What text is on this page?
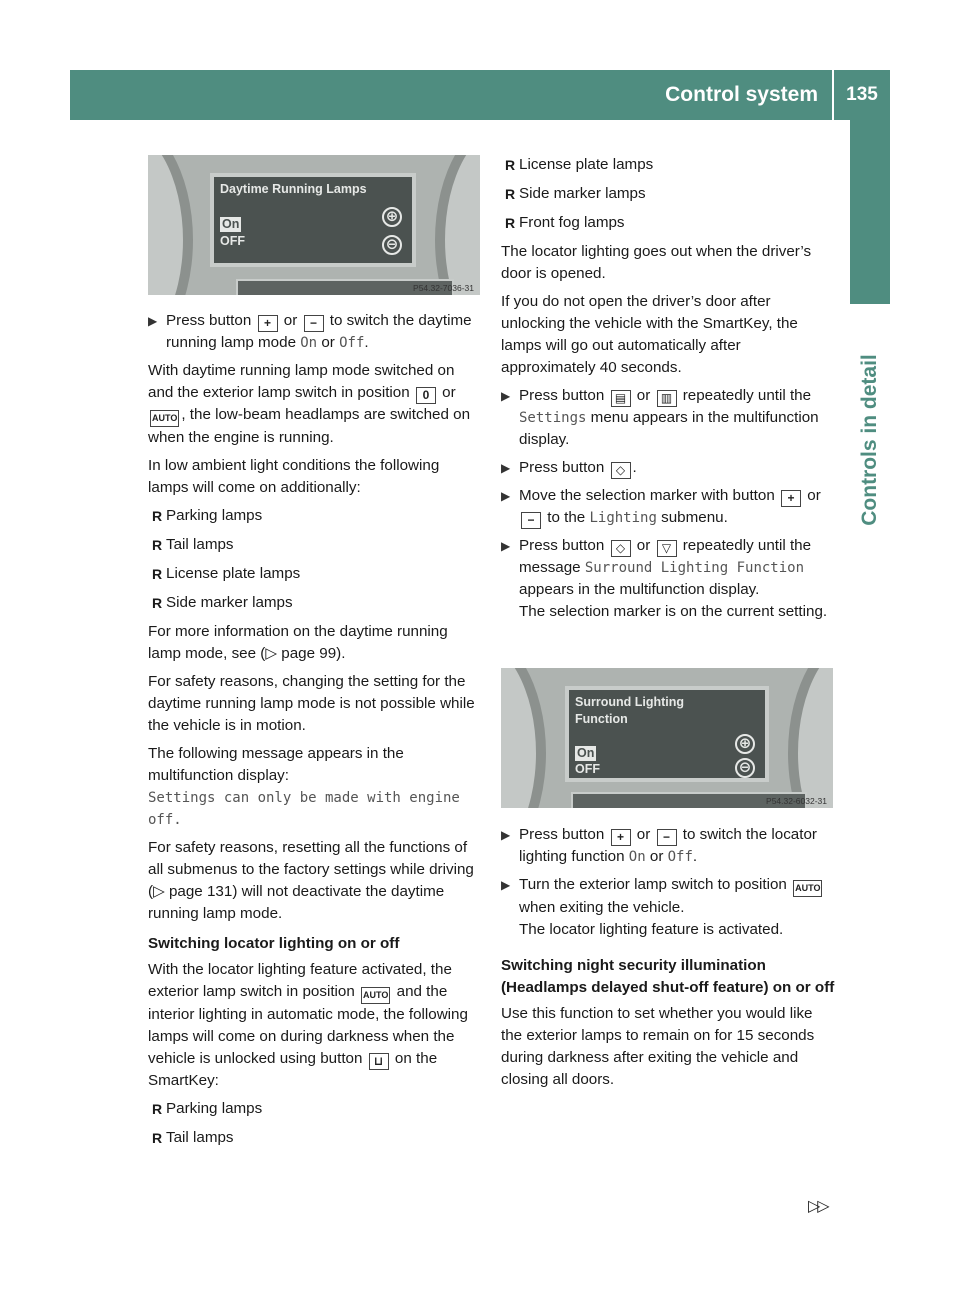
Control system	135
Controls in detail
Daytime Running Lamps
On
OFF
⊕
⊖
P54.32-7036-31
▶ Press button + or − to switch the daytime running lamp mode On or Off.

With daytime running lamp mode switched on and the exterior lamp switch in position 0 or AUTO , the low-beam headlamps are switched on when the engine is running.

In low ambient light conditions the following lamps will come on additionally:

R Parking lamps
R Tail lamps
R License plate lamps
R Side marker lamps

For more information on the daytime running lamp mode, see (▷ page 99).

For safety reasons, changing the setting for the daytime running lamp mode is not possible while the vehicle is in motion.

The following message appears in the multifunction display:
Settings can only be made with engine off.

For safety reasons, resetting all the functions of all submenus to the factory settings while driving (▷ page 131) will not deactivate the daytime running lamp mode.

Switching locator lighting on or off

With the locator lighting feature activated, the exterior lamp switch in position AUTO and the interior lighting in automatic mode, the following lamps will come on during darkness when the vehicle is unlocked using button ⊔ on the SmartKey:

R Parking lamps
R Tail lamps
R License plate lamps
R Side marker lamps
R Front fog lamps

The locator lighting goes out when the driver’s door is opened.

If you do not open the driver’s door after unlocking the vehicle with the SmartKey, the lamps will go out automatically after approximately 40 seconds.

▶ Press button ▤ or ▥ repeatedly until the Settings menu appears in the multifunction display.
▶ Press button ◇ .
▶ Move the selection marker with button + or − to the Lighting submenu.
▶ Press button ◇ or ▽ repeatedly until the message Surround Lighting Function appears in the multifunction display.
The selection marker is on the current setting.
Surround Lighting
Function
On
OFF
⊕
⊖
P54.32-6032-31
▶ Press button + or − to switch the locator lighting function On or Off.
▶ Turn the exterior lamp switch to position AUTO when exiting the vehicle.
The locator lighting feature is activated.

Switching night security illumination (Headlamps delayed shut-off feature) on or off

Use this function to set whether you would like the exterior lamps to remain on for 15 seconds during darkness after exiting the vehicle and closing all doors.

▷▷
